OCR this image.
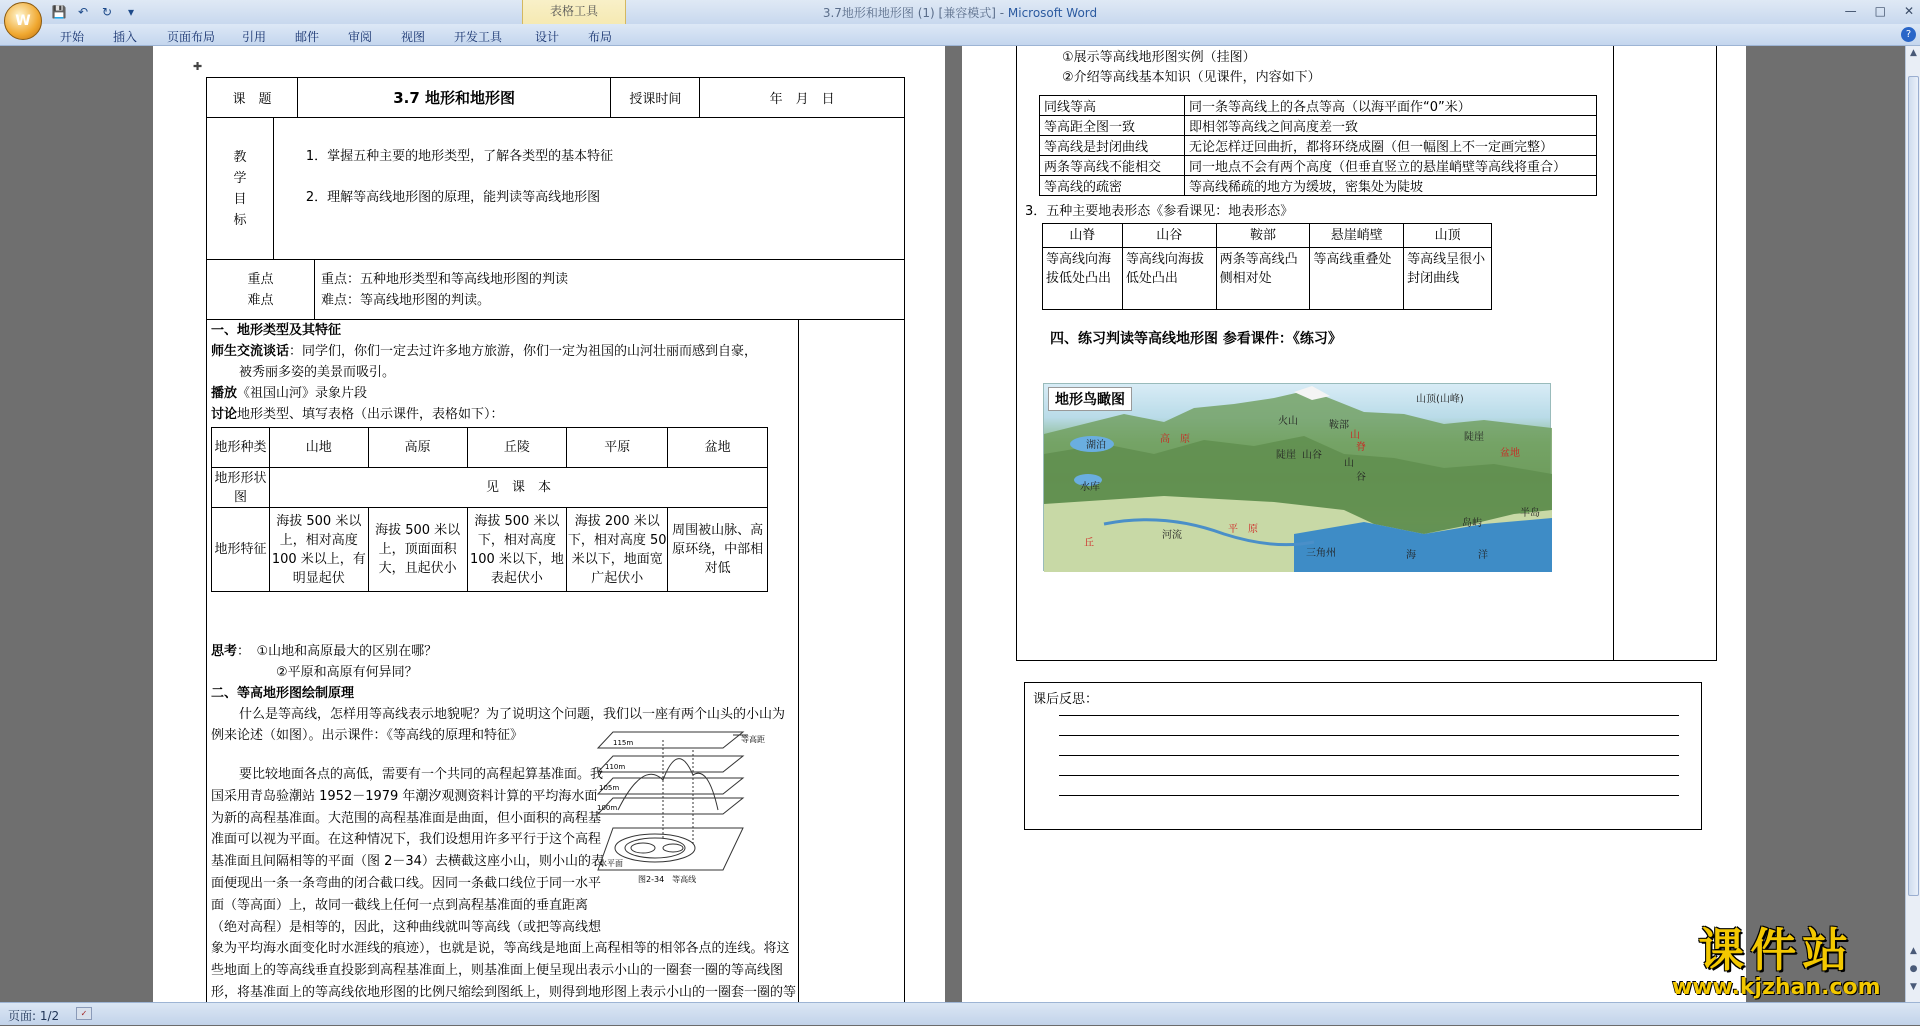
W
💾 ↶	↻	▾	表格工具	3.7地形和地形图 (1) [兼容模式] - Microsoft Word	— □ ✕
开始 插入 页面布局 引用 邮件 审阅 视图 开发工具	设计 布局	?
✚
课　题	3.7 地形和地形图	授课时间	年　月　日
教
学
目
标

1．掌握五种主要的地形类型，了解各类型的基本特征
2．理解等高线地形图的原理，能判读等高线地形图
重点
难点

重点：五种地形类型和等高线地形图的判读
难点：等高线地形图的判读。
一、地形类型及其特征
师生交流谈话：同学们，你们一定去过许多地方旅游，你们一定为祖国的山河壮丽而感到自豪，
被秀丽多姿的美景而吸引。
播放《祖国山河》录象片段
讨论地形类型、填写表格（出示课件，表格如下）：
地形种类	山地	高原	丘陵	平原	盆地
地形形状图	见　课　本				
地形特征	海拔 500 米以上，相对高度 100 米以上，有明显起伏	海拔 500 米以上，顶面面积大，且起伏小	海拔 500 米以下，相对高度 100 米以下，地表起伏小	海拔 200 米以下，相对高度 50 米以下，地面宽广起伏小	周围被山脉、高原环绕，中部相对低
思考：　①山地和高原最大的区别在哪？
②平原和高原有何异同？
二、等高地形图绘制原理
什么是等高线，怎样用等高线表示地貌呢？为了说明这个问题，我们以一座有两个山头的小山为例来论述（如图）。出示课件：《等高线的原理和特征》
要比较地面各点的高低，需要有一个共同的高程起算基准面。我国采用青岛验潮站 1952－1979 年潮汐观测资料计算的平均海水面为新的高程基准面。大范围的高程基准面是曲面，但小面积的高程基准面可以视为平面。在这种情况下，我们设想用许多平行于这个高程基准面且间隔相等的平面（图 2－34）去横截这座小山，则小山的表面便现出一条一条弯曲的闭合截口线。因同一条截口线位于同一水平面（等高面）上，故同一截线上任何一点到高程基准面的垂直距离（绝对高程）是相等的，因此，这种曲线就叫等高线（或把等高线想象为平均海水面变化时水涯线的痕迹），也就是说，等高线是地面上高程相等的相邻各点的连线。将这些地面上的等高线垂直投影到高程基准面上，则基准面上便呈现出表示小山的一圈套一圈的等高线图形，将基准面上的等高线依地形图的比例尺缩绘到图纸上，则得到地形图上表示小山的一圈套一圈的等
115m
110m
105m
100m
等高距
水平面
图2-34　等高线
①展示等高线地形图实例（挂图）
②介绍等高线基本知识（见课件，内容如下）
同线等高	同一条等高线上的各点等高（以海平面作“0”米）
等高距全图一致	即相邻等高线之间高度差一致
等高线是封闭曲线	无论怎样迂回曲折，都将环绕成圈（但一幅图上不一定画完整）
两条等高线不能相交	同一地点不会有两个高度（但垂直竖立的悬崖峭壁等高线将重合）
等高线的疏密	等高线稀疏的地方为缓坡，密集处为陡坡
3．五种主要地表形态《参看课见：地表形态》
山脊	山谷	鞍部	悬崖峭壁	山顶
等高线向海拔低处凸出	等高线向海拔低处凸出	两条等高线凸侧相对处	等高线重叠处	等高线呈很小封闭曲线
四、练习判读等高线地形图 参看课件：《练习》
地形鸟瞰图
火山
山顶(山峰)
湖泊
高　原
鞍部
山
脊
陡崖
陡崖
山谷
山
谷
盆地
水库
河流
平　原
三角州
岛屿
半岛
海	洋
丘
课后反思：
▲
▲
●
▼
课件站
www.kjzhan.com
页面: 1/2	✓
